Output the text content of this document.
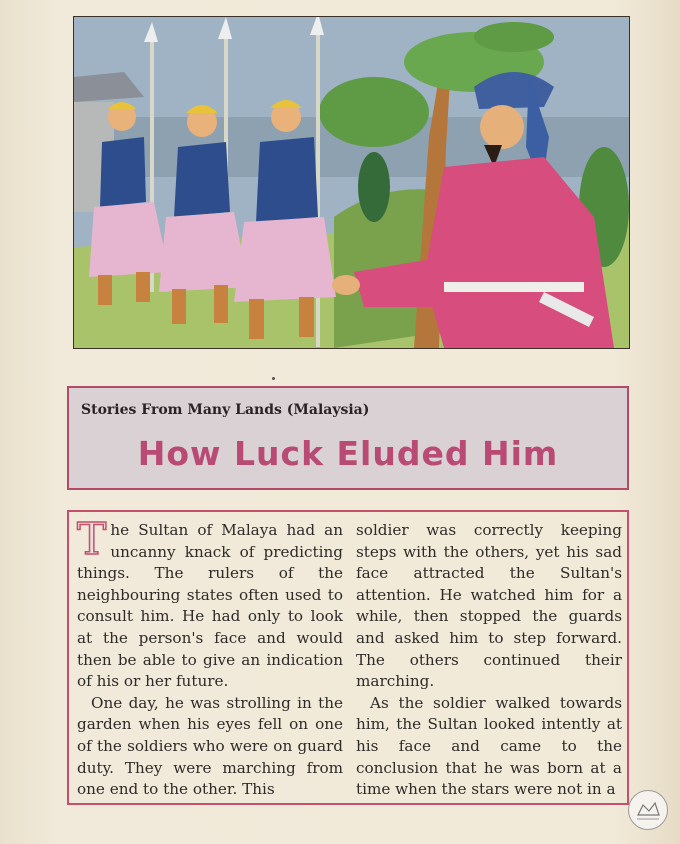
Stories From Many Lands (Malaysia)
How Luck Eluded Him

The Sultan of Malaya had an uncanny knack of predicting things. The rulers of the neighbouring states often used to consult him. He had only to look at the person's face and would then be able to give an indication of his or her future.

One day, he was strolling in the garden when his eyes fell on one of the soldiers who were on guard duty. They were marching from one end to the other. This

soldier was correctly keeping steps with the others, yet his sad face attracted the Sultan's attention. He watched him for a while, then stopped the guards and asked him to step forward. The others continued their marching.

As the soldier walked towards him, the Sultan looked intently at his face and came to the conclusion that he was born at a time when the stars were not in a
